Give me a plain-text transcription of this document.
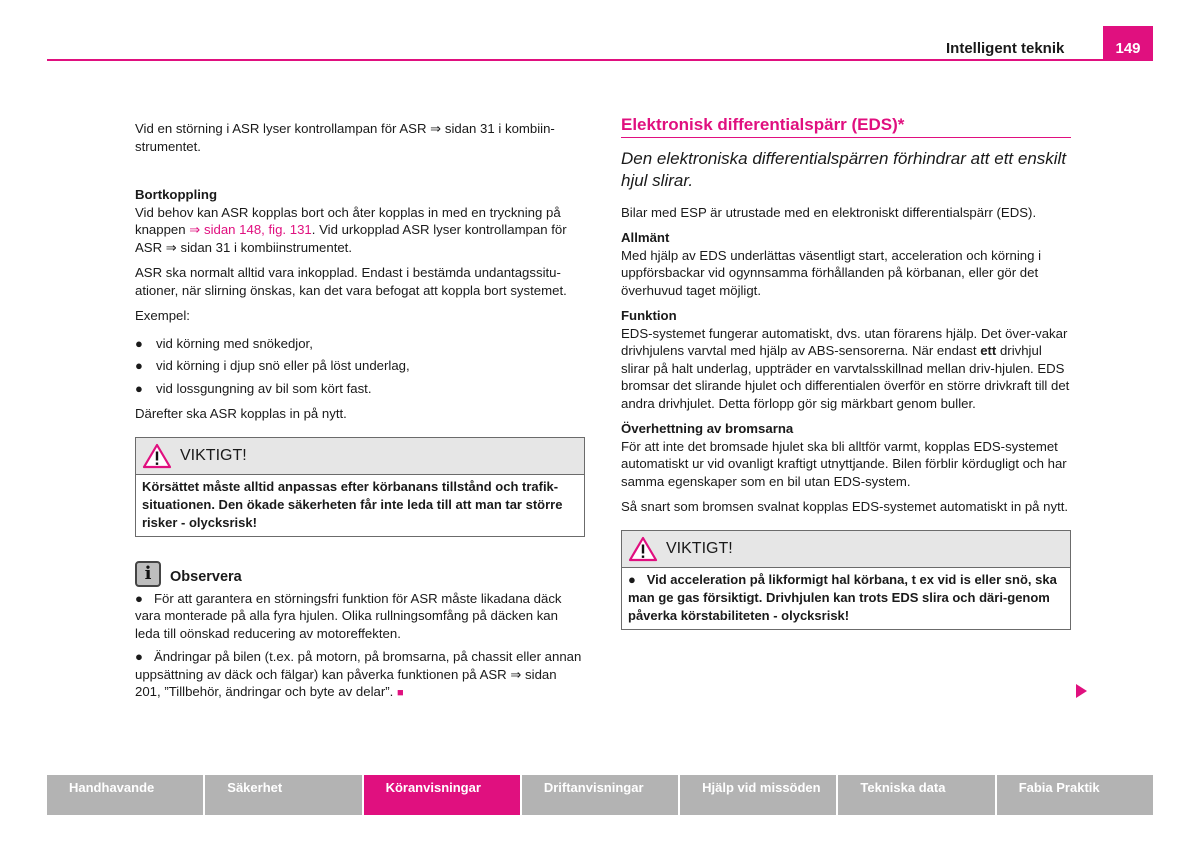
Intelligent teknik	149

Vid en störning i ASR lyser kontrollampan för ASR ⇒ sidan 31 i kombiin-strumentet.

Bortkoppling

Vid behov kan ASR kopplas bort och åter kopplas in med en tryckning på knappen ⇒ sidan 148, fig. 131. Vid urkopplad ASR lyser kontrollampan för ASR ⇒ sidan 31 i kombiinstrumentet.

ASR ska normalt alltid vara inkopplad. Endast i bestämda undantagssitu-ationer, när slirning önskas, kan det vara befogat att koppla bort systemet.

Exempel:

● vid körning med snökedjor,
● vid körning i djup snö eller på löst underlag,
● vid lossgungning av bil som kört fast.

Därefter ska ASR kopplas in på nytt.

VIKTIGT!
Körsättet måste alltid anpassas efter körbanans tillstånd och trafik-situationen. Den ökade säkerheten får inte leda till att man tar större risker - olycksrisk!
i	Observera

●   För att garantera en störningsfri funktion för ASR måste likadana däck vara monterade på alla fyra hjulen. Olika rullningsomfång på däcken kan leda till oönskad reducering av motoreffekten.

●   Ändringar på bilen (t.ex. på motorn, på bromsarna, på chassit eller annan uppsättning av däck och fälgar) kan påverka funktionen på ASR ⇒ sidan 201, ”Tillbehör, ändringar och byte av delar”. ■

Elektronisk differentialspärr (EDS)*
Den elektroniska differentialspärren förhindrar att ett enskilt hjul slirar.

Bilar med ESP är utrustade med en elektroniskt differentialspärr (EDS).

Allmänt

Med hjälp av EDS underlättas väsentligt start, acceleration och körning i uppförsbackar vid ogynnsamma förhållanden på körbanan, eller gör det överhuvud taget möjligt.

Funktion

EDS-systemet fungerar automatiskt, dvs. utan förarens hjälp. Det över-vakar drivhjulens varvtal med hjälp av ABS-sensorerna. När endast ett drivhjul slirar på halt underlag, uppträder en varvtalsskillnad mellan driv-hjulen. EDS bromsar det slirande hjulet och differentialen överför en större drivkraft till det andra drivhjulet. Detta förlopp gör sig märkbart genom buller.

Överhettning av bromsarna

För att inte det bromsade hjulet ska bli alltför varmt, kopplas EDS-systemet automatiskt ur vid ovanligt kraftigt utnyttjande. Bilen förblir kördugligt och har samma egenskaper som en bil utan EDS-system.

Så snart som bromsen svalnat kopplas EDS-systemet automatiskt in på nytt.

VIKTIGT!
●   Vid acceleration på likformigt hal körbana, t ex vid is eller snö, ska man ge gas försiktigt. Drivhjulen kan trots EDS slira och däri-genom påverka körstabiliteten - olycksrisk!
Handhavande	Säkerhet	Köranvisningar	Driftanvisningar	Hjälp vid missöden	Tekniska data	Fabia Praktik
